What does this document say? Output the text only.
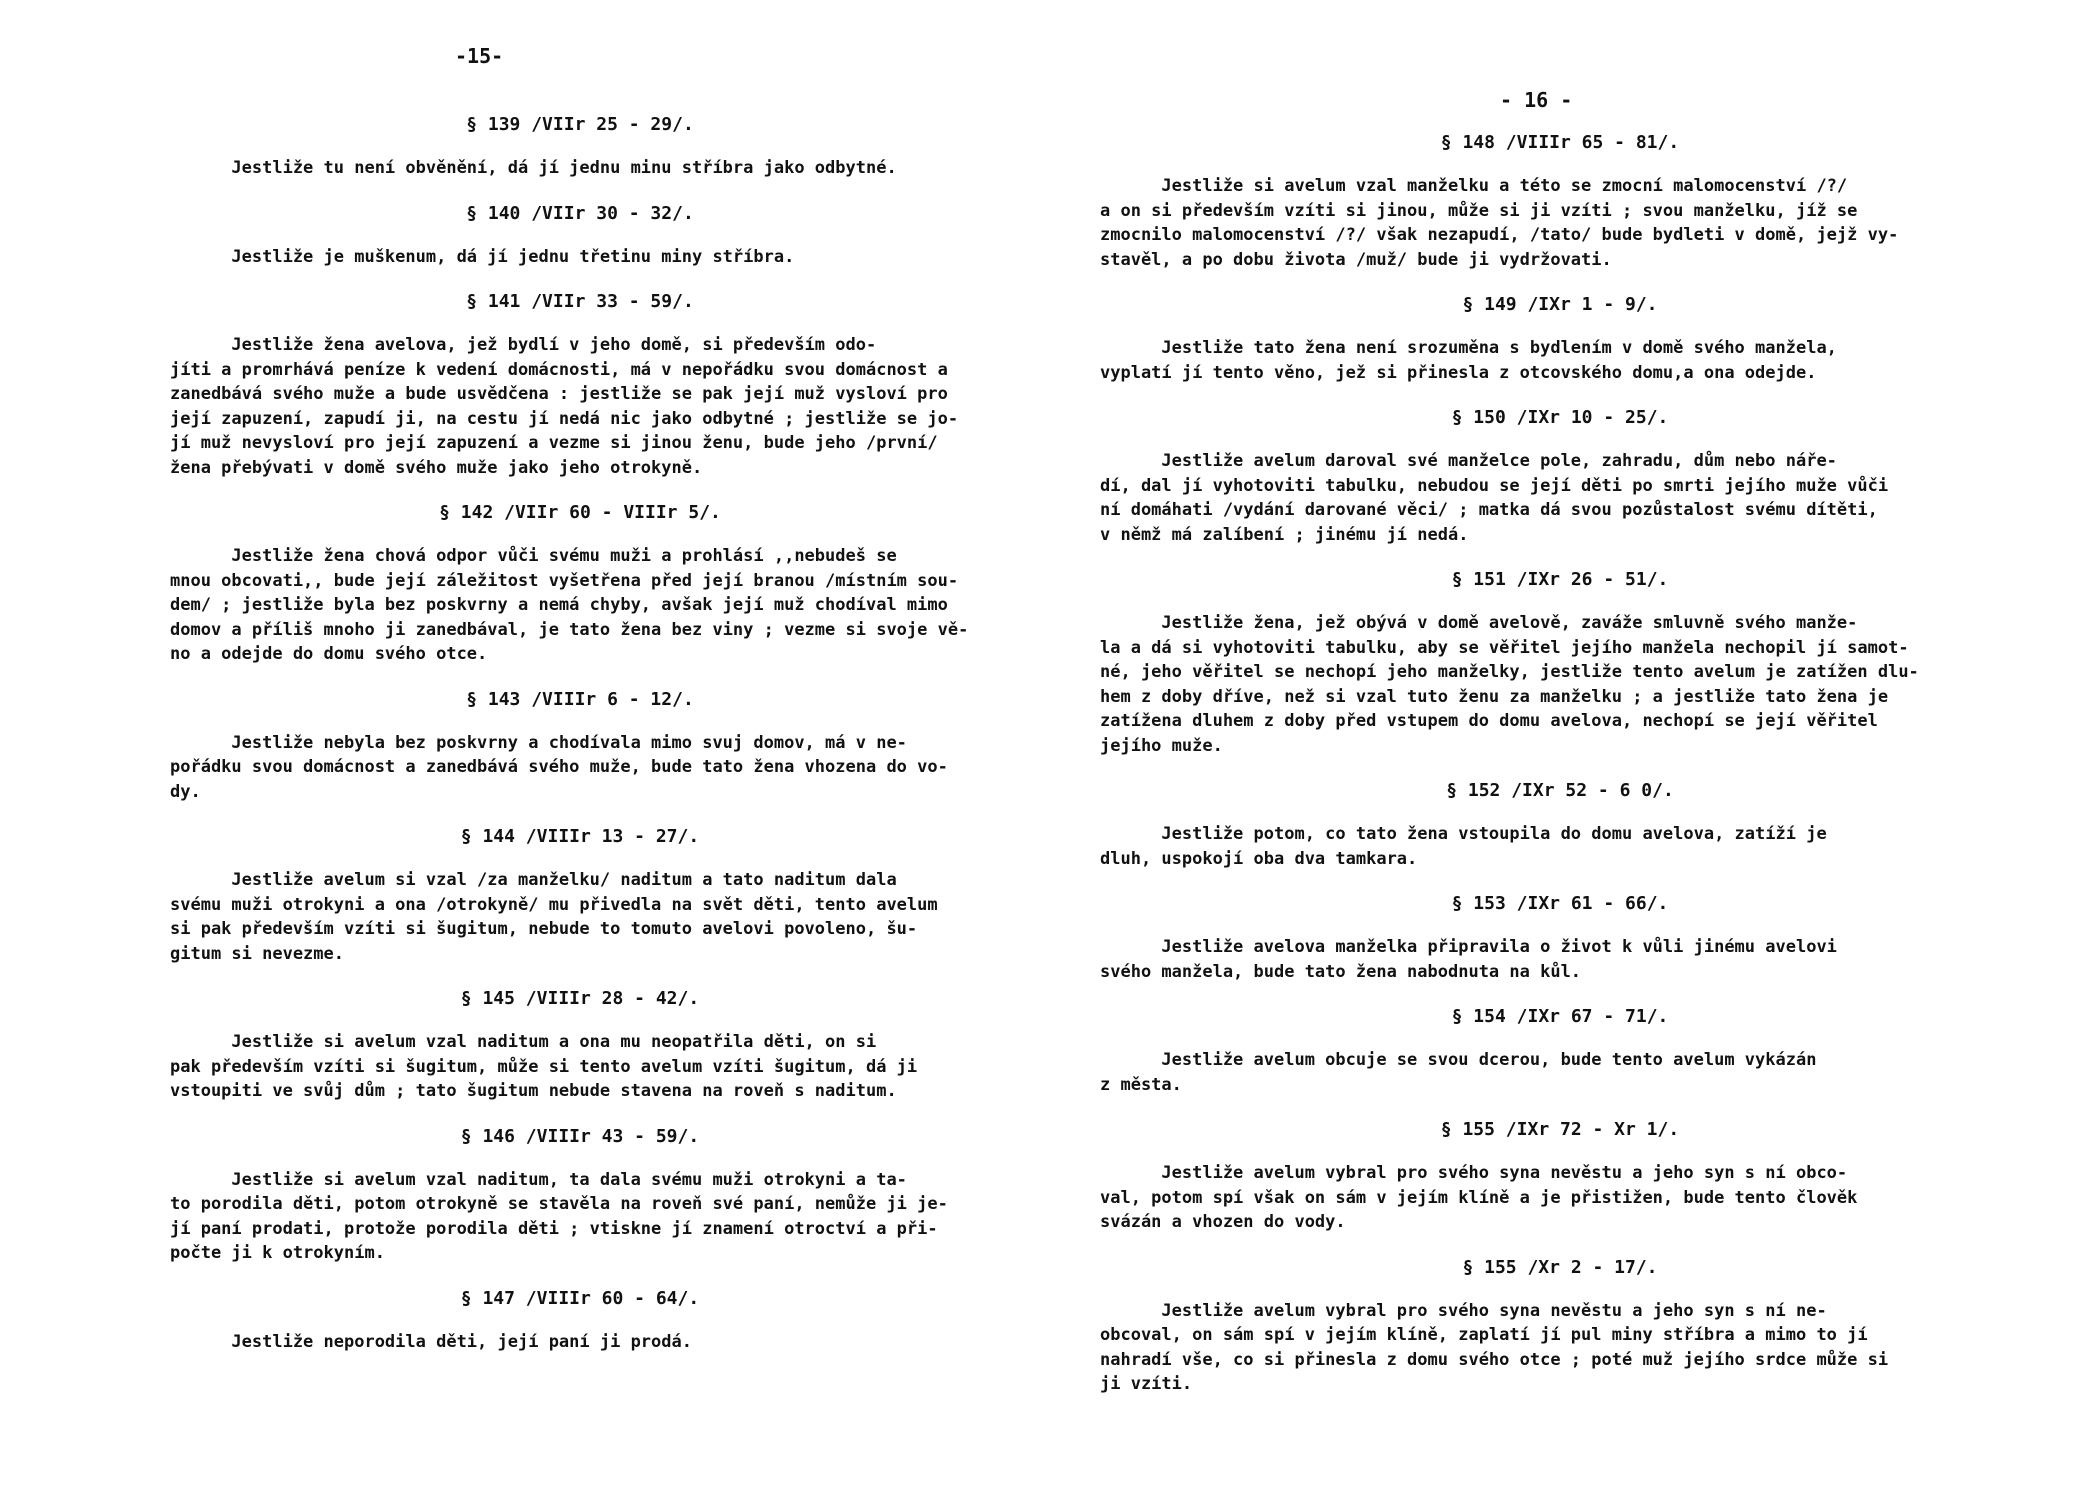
-15-
§ 139 /VIIr 25 - 29/.
Jestliže tu není obvěnění, dá jí jednu minu stříbra jako odbytné.
§ 140 /VIIr 30 - 32/.
Jestliže je muškenum, dá jí jednu třetinu miny stříbra.
§ 141 /VIIr 33 - 59/.
Jestliže žena avelova, jež bydlí v jeho domě, si především odo-
jíti a promrhává peníze k vedení domácnosti, má v nepořádku svou domácnost a
zanedbává svého muže a bude usvědčena : jestliže se pak její muž vysloví pro
její zapuzení, zapudí ji, na cestu jí nedá nic jako odbytné ; jestliže se jo-
jí muž nevysloví pro její zapuzení a vezme si jinou ženu, bude jeho /první/
žena přebývati v domě svého muže jako jeho otrokyně.
§ 142 /VIIr 60 - VIIIr 5/.
Jestliže žena chová odpor vůči svému muži a prohlásí ,,nebudeš se
mnou obcovati,, bude její záležitost vyšetřena před její branou /místním sou-
dem/ ; jestliže byla bez poskvrny a nemá chyby, avšak její muž chodíval mimo
domov a příliš mnoho ji zanedbával, je tato žena bez viny ; vezme si svoje vě-
no a odejde do domu svého otce.
§ 143 /VIIIr 6 - 12/.
Jestliže nebyla bez poskvrny a chodívala mimo svuj domov, má v ne-
pořádku svou domácnost a zanedbává svého muže, bude tato žena vhozena do vo-
dy.
§ 144 /VIIIr 13 - 27/.
Jestliže avelum si vzal /za manželku/ naditum a tato naditum dala
svému muži otrokyni a ona /otrokyně/ mu přivedla na svět děti, tento avelum
si pak především vzíti si šugitum, nebude to tomuto avelovi povoleno, šu-
gitum si nevezme.
§ 145 /VIIIr 28 - 42/.
Jestliže si avelum vzal naditum a ona mu neopatřila děti, on si
pak především vzíti si šugitum, může si tento avelum vzíti šugitum, dá ji
vstoupiti ve svůj dům ; tato šugitum nebude stavena na roveň s naditum.
§ 146 /VIIIr 43 - 59/.
Jestliže si avelum vzal naditum, ta dala svému muži otrokyni a ta-
to porodila děti, potom otrokyně se stavěla na roveň své paní, nemůže ji je-
jí paní prodati, protože porodila děti ; vtiskne jí znamení otroctví a při-
počte ji k otrokyním.
§ 147 /VIIIr 60 - 64/.
Jestliže neporodila děti, její paní ji prodá.
- 16 -
§ 148 /VIIIr 65 - 81/.
Jestliže si avelum vzal manželku a této se zmocní malomocenství /?/
a on si především vzíti si jinou, může si ji vzíti ; svou manželku, jíž se
zmocnilo malomocenství /?/ však nezapudí, /tato/ bude bydleti v domě, jejž vy-
stavěl, a po dobu života /muž/ bude ji vydržovati.
§ 149 /IXr 1 - 9/.
Jestliže tato žena není srozuměna s bydlením v domě svého manžela,
vyplatí jí tento věno, jež si přinesla z otcovského domu,a ona odejde.
§ 150 /IXr 10 - 25/.
Jestliže avelum daroval své manželce pole, zahradu, dům nebo náře-
dí, dal jí vyhotoviti tabulku, nebudou se její děti po smrti jejího muže vůči
ní domáhati /vydání darované věci/ ; matka dá svou pozůstalost svému dítěti,
v němž má zalíbení ; jinému jí nedá.
§ 151 /IXr 26 - 51/.
Jestliže žena, jež obývá v domě avelově, zaváže smluvně svého manže-
la a dá si vyhotoviti tabulku, aby se věřitel jejího manžela nechopil jí samot-
né, jeho věřitel se nechopí jeho manželky, jestliže tento avelum je zatížen dlu-
hem z doby dříve, než si vzal tuto ženu za manželku ; a jestliže tato žena je
zatížena dluhem z doby před vstupem do domu avelova, nechopí se její věřitel
jejího muže.
§ 152 /IXr 52 - 6 0/.
Jestliže potom, co tato žena vstoupila do domu avelova, zatíží je
dluh, uspokojí oba dva tamkara.
§ 153 /IXr 61 - 66/.
Jestliže avelova manželka připravila o život k vůli jinému avelovi
svého manžela, bude tato žena nabodnuta na kůl.
§ 154 /IXr 67 - 71/.
Jestliže avelum obcuje se svou dcerou, bude tento avelum vykázán
z města.
§ 155 /IXr 72 - Xr 1/.
Jestliže avelum vybral pro svého syna nevěstu a jeho syn s ní obco-
val, potom spí však on sám v jejím klíně a je přistižen, bude tento člověk
svázán a vhozen do vody.
§ 155 /Xr 2 - 17/.
Jestliže avelum vybral pro svého syna nevěstu a jeho syn s ní ne-
obcoval, on sám spí v jejím klíně, zaplatí jí pul miny stříbra a mimo to jí
nahradí vše, co si přinesla z domu svého otce ; poté muž jejího srdce může si
ji vzíti.
